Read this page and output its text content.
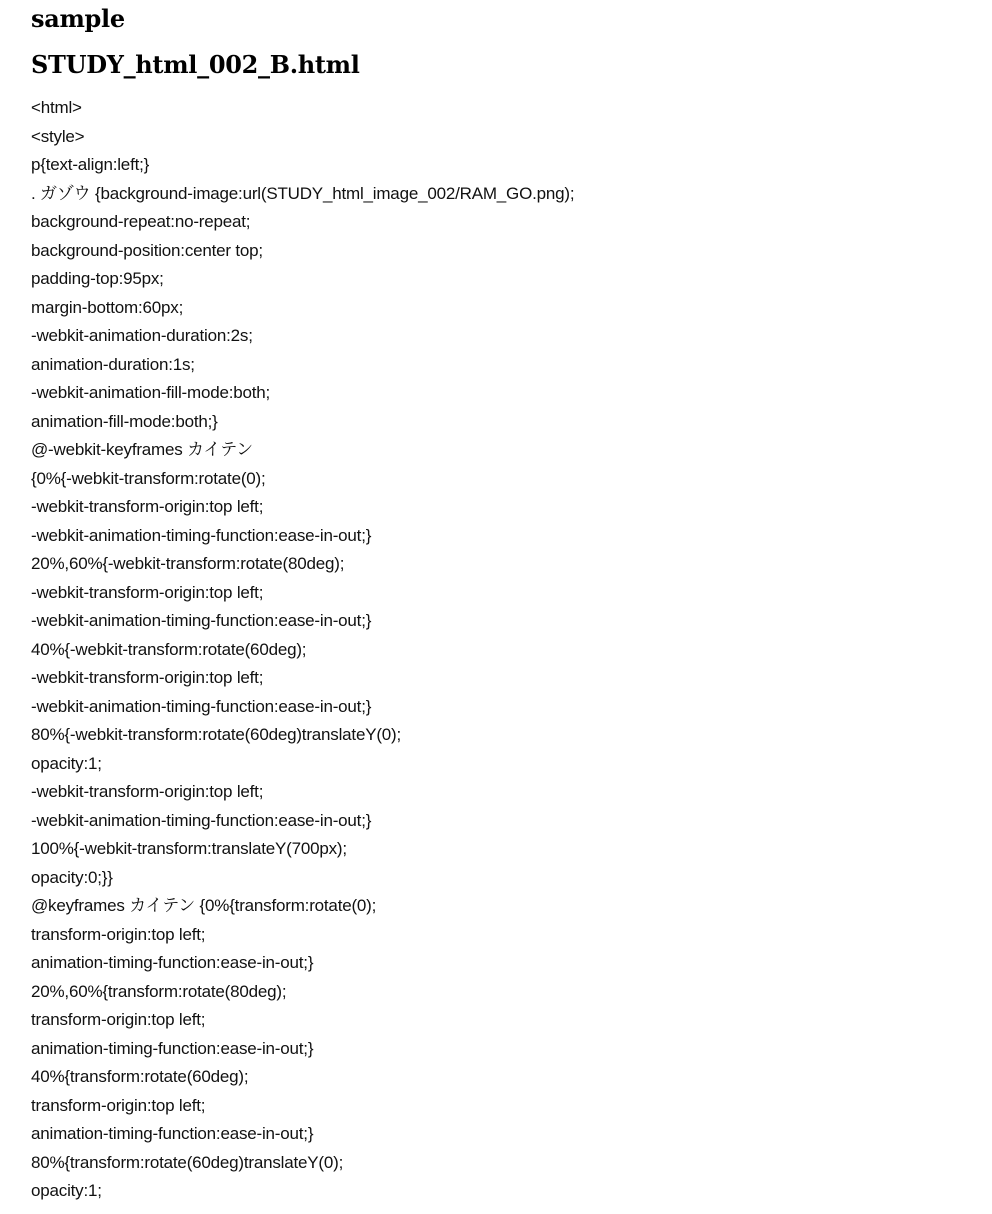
sample
STUDY_html_002_B.html
<html>
<style>
p{text-align:left;}
. ガゾウ {background-image:url(STUDY_html_image_002/RAM_GO.png);
background-repeat:no-repeat;
background-position:center top;
padding-top:95px;
margin-bottom:60px;
-webkit-animation-duration:2s;
animation-duration:1s;
-webkit-animation-fill-mode:both;
animation-fill-mode:both;}
@-webkit-keyframes カイテン
{0%{-webkit-transform:rotate(0);
-webkit-transform-origin:top left;
-webkit-animation-timing-function:ease-in-out;}
20%,60%{-webkit-transform:rotate(80deg);
-webkit-transform-origin:top left;
-webkit-animation-timing-function:ease-in-out;}
40%{-webkit-transform:rotate(60deg);
-webkit-transform-origin:top left;
-webkit-animation-timing-function:ease-in-out;}
80%{-webkit-transform:rotate(60deg)translateY(0);
opacity:1;
-webkit-transform-origin:top left;
-webkit-animation-timing-function:ease-in-out;}
100%{-webkit-transform:translateY(700px);
opacity:0;}}
@keyframes カイテン {0%{transform:rotate(0);
transform-origin:top left;
animation-timing-function:ease-in-out;}
20%,60%{transform:rotate(80deg);
transform-origin:top left;
animation-timing-function:ease-in-out;}
40%{transform:rotate(60deg);
transform-origin:top left;
animation-timing-function:ease-in-out;}
80%{transform:rotate(60deg)translateY(0);
opacity:1;
